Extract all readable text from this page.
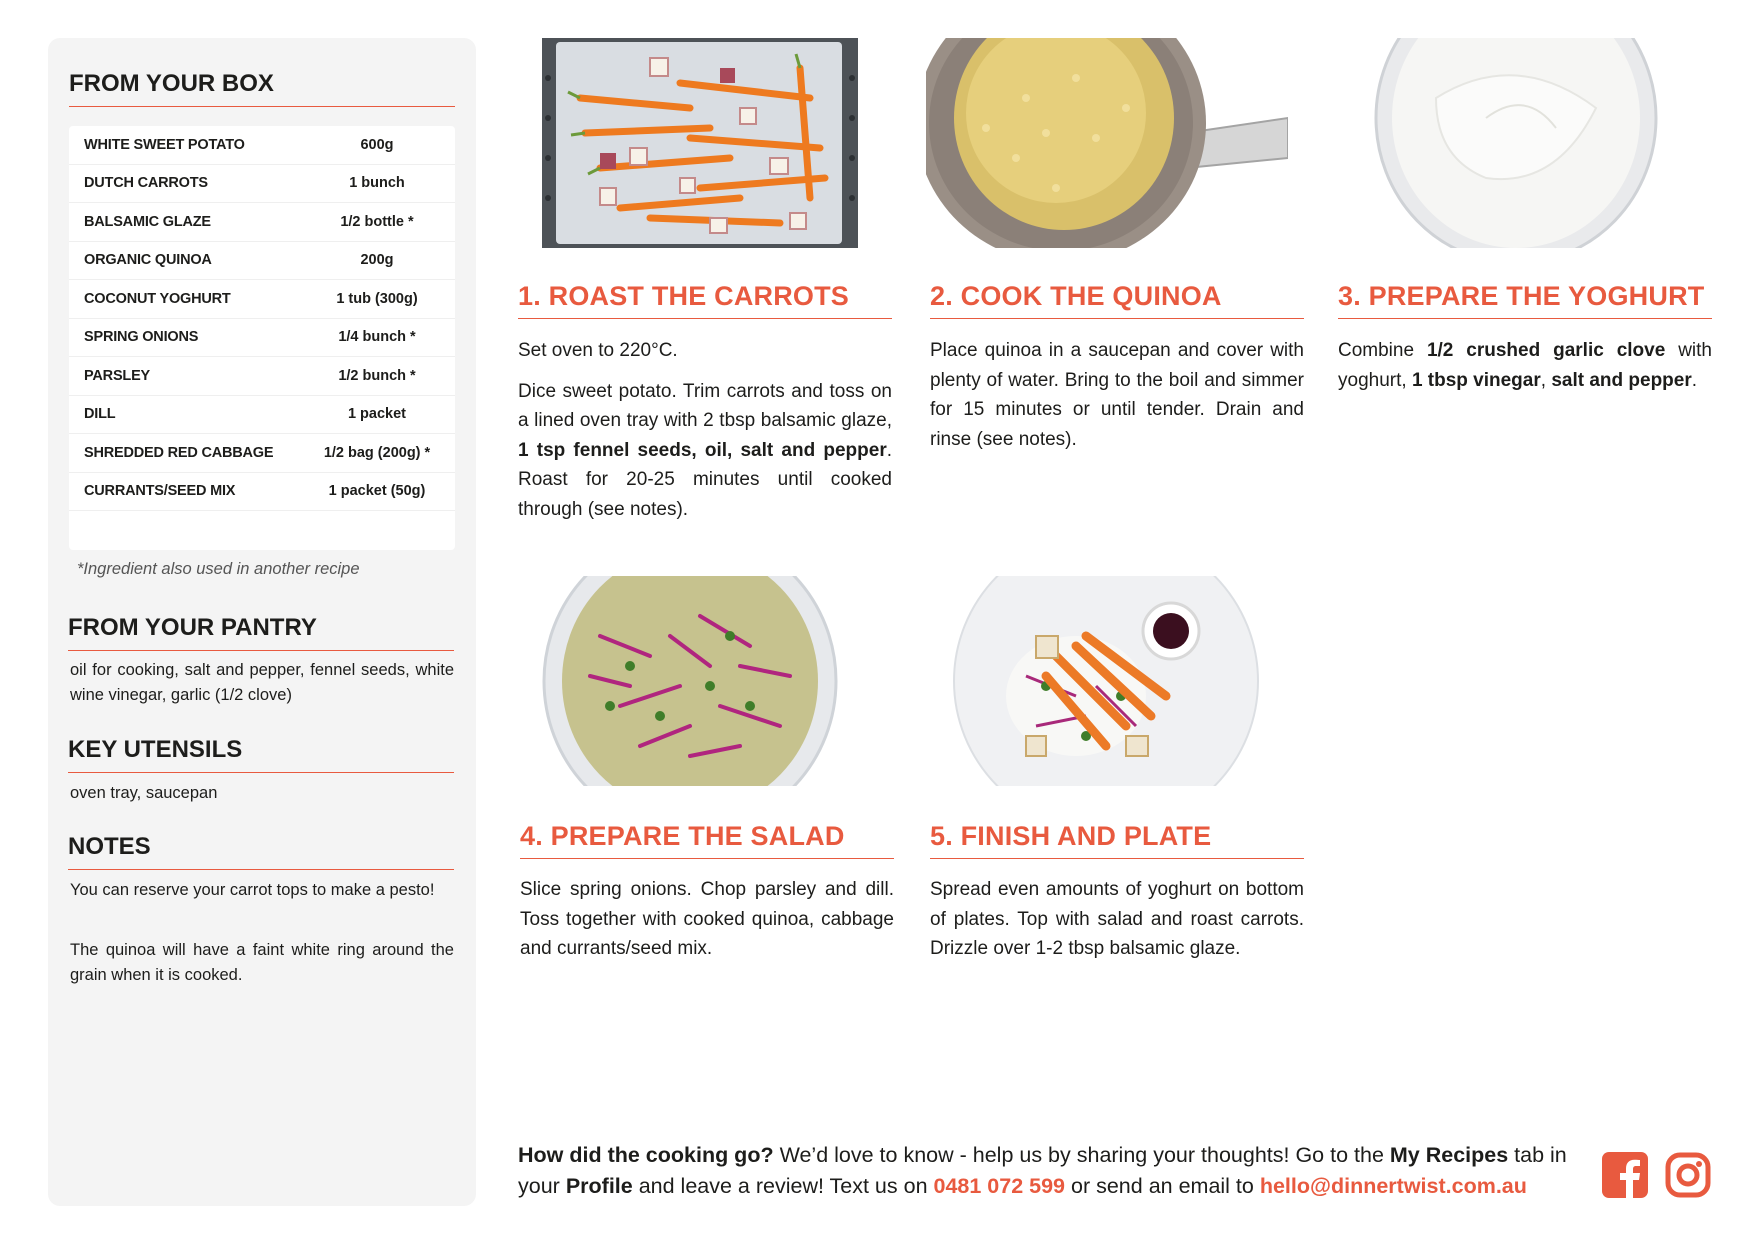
FROM YOUR BOX
WHITE SWEET POTATO	600g
DUTCH CARROTS	1 bunch
BALSAMIC GLAZE	1/2 bottle *
ORGANIC QUINOA	200g
COCONUT YOGHURT	1 tub (300g)
SPRING ONIONS	1/4 bunch *
PARSLEY	1/2 bunch *
DILL	1 packet
SHREDDED RED CABBAGE	1/2 bag (200g) *
CURRANTS/SEED MIX	1 packet (50g)
*Ingredient also used in another recipe
FROM YOUR PANTRY
oil for cooking, salt and pepper, fennel seeds, white wine vinegar, garlic (1/2 clove)
KEY UTENSILS
oven tray, saucepan
NOTES
You can reserve your carrot tops to make a pesto!
The quinoa will have a faint white ring around the grain when it is cooked.
1. ROAST THE CARROTS	2. COOK THE QUINOA	3. PREPARE THE YOGHURT
4. PREPARE THE SALAD	5. FINISH AND PLATE

Set oven to 220°C.

Dice sweet potato. Trim carrots and toss on a lined oven tray with 2 tbsp balsamic glaze, 1 tsp fennel seeds, oil, salt and pepper. Roast for 20-25 minutes until cooked through (see notes).

Place quinoa in a saucepan and cover with plenty of water. Bring to the boil and simmer for 15 minutes or until tender. Drain and rinse (see notes).

Combine 1/2 crushed garlic clove with yoghurt, 1 tbsp vinegar, salt and pepper.

Slice spring onions. Chop parsley and dill. Toss together with cooked quinoa, cabbage and currants/seed mix.

Spread even amounts of yoghurt on bottom of plates. Top with salad and roast carrots. Drizzle over 1-2 tbsp balsamic glaze.

How did the cooking go? We’d love to know - help us by sharing your thoughts! Go to the My Recipes tab in your Profile and leave a review! Text us on 0481 072 599 or send an email to hello@dinnertwist.com.au
